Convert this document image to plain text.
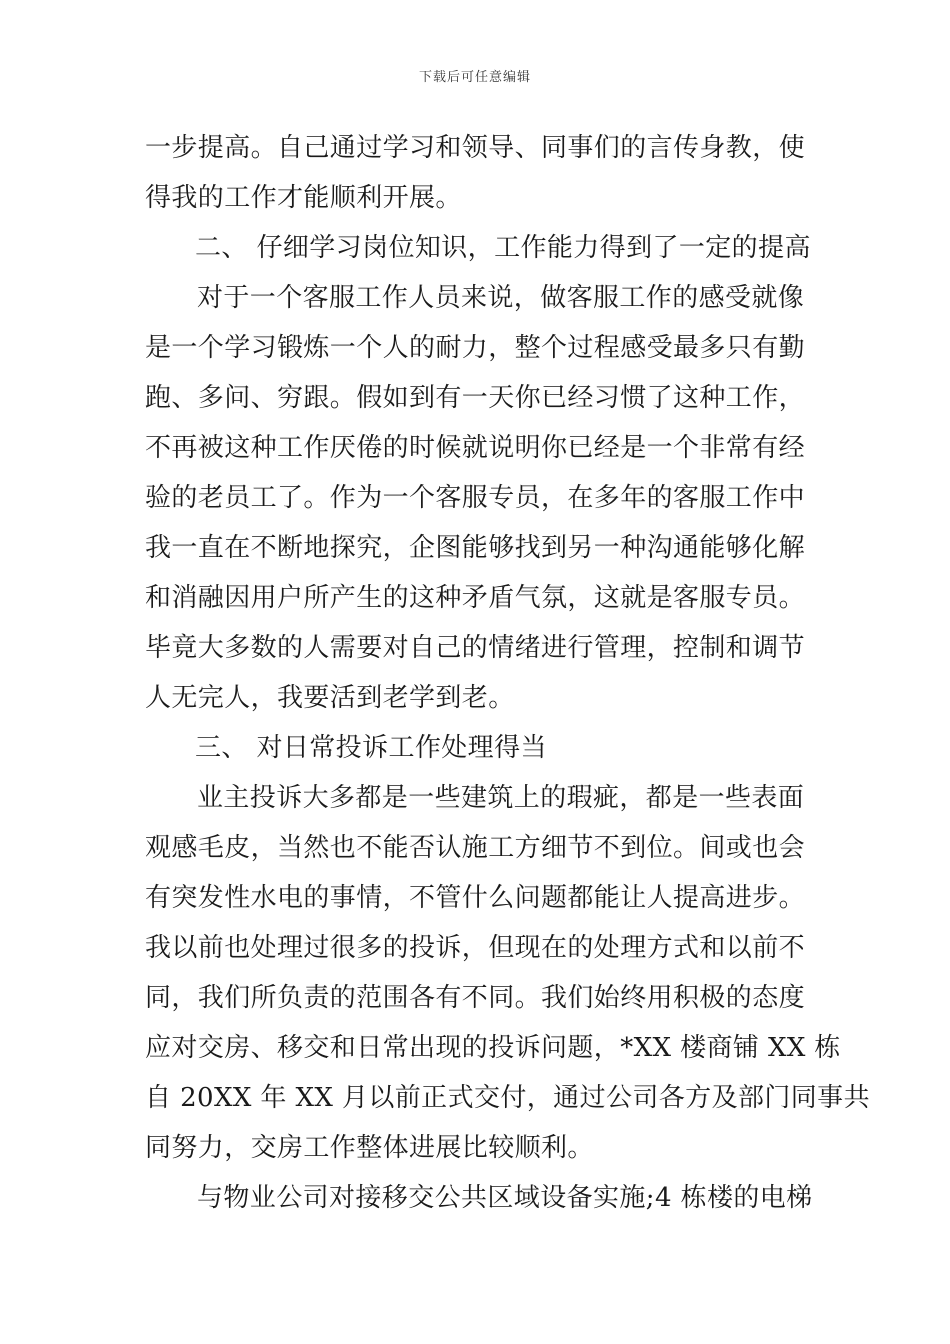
下载后可任意编辑
一步提高。自己通过学习和领导、同事们的言传身教，使
得我的工作才能顺利开展。
二、 仔细学习岗位知识，工作能力得到了一定的提高
对于一个客服工作人员来说，做客服工作的感受就像
是一个学习锻炼一个人的耐力，整个过程感受最多只有勤
跑、多问、穷跟。假如到有一天你已经习惯了这种工作，
不再被这种工作厌倦的时候就说明你已经是一个非常有经
验的老员工了。作为一个客服专员，在多年的客服工作中
我一直在不断地探究，企图能够找到另一种沟通能够化解
和消融因用户所产生的这种矛盾气氛，这就是客服专员。
毕竟大多数的人需要对自己的情绪进行管理，控制和调节
人无完人，我要活到老学到老。
三、 对日常投诉工作处理得当
业主投诉大多都是一些建筑上的瑕疵，都是一些表面
观感毛皮，当然也不能否认施工方细节不到位。间或也会
有突发性水电的事情，不管什么问题都能让人提高进步。
我以前也处理过很多的投诉，但现在的处理方式和以前不
同，我们所负责的范围各有不同。我们始终用积极的态度
应对交房、移交和日常出现的投诉问题，*XX 楼商铺 XX 栋
自 20XX 年 XX 月以前正式交付，通过公司各方及部门同事共
同努力，交房工作整体进展比较顺利。
与物业公司对接移交公共区域设备实施;4 栋楼的电梯
